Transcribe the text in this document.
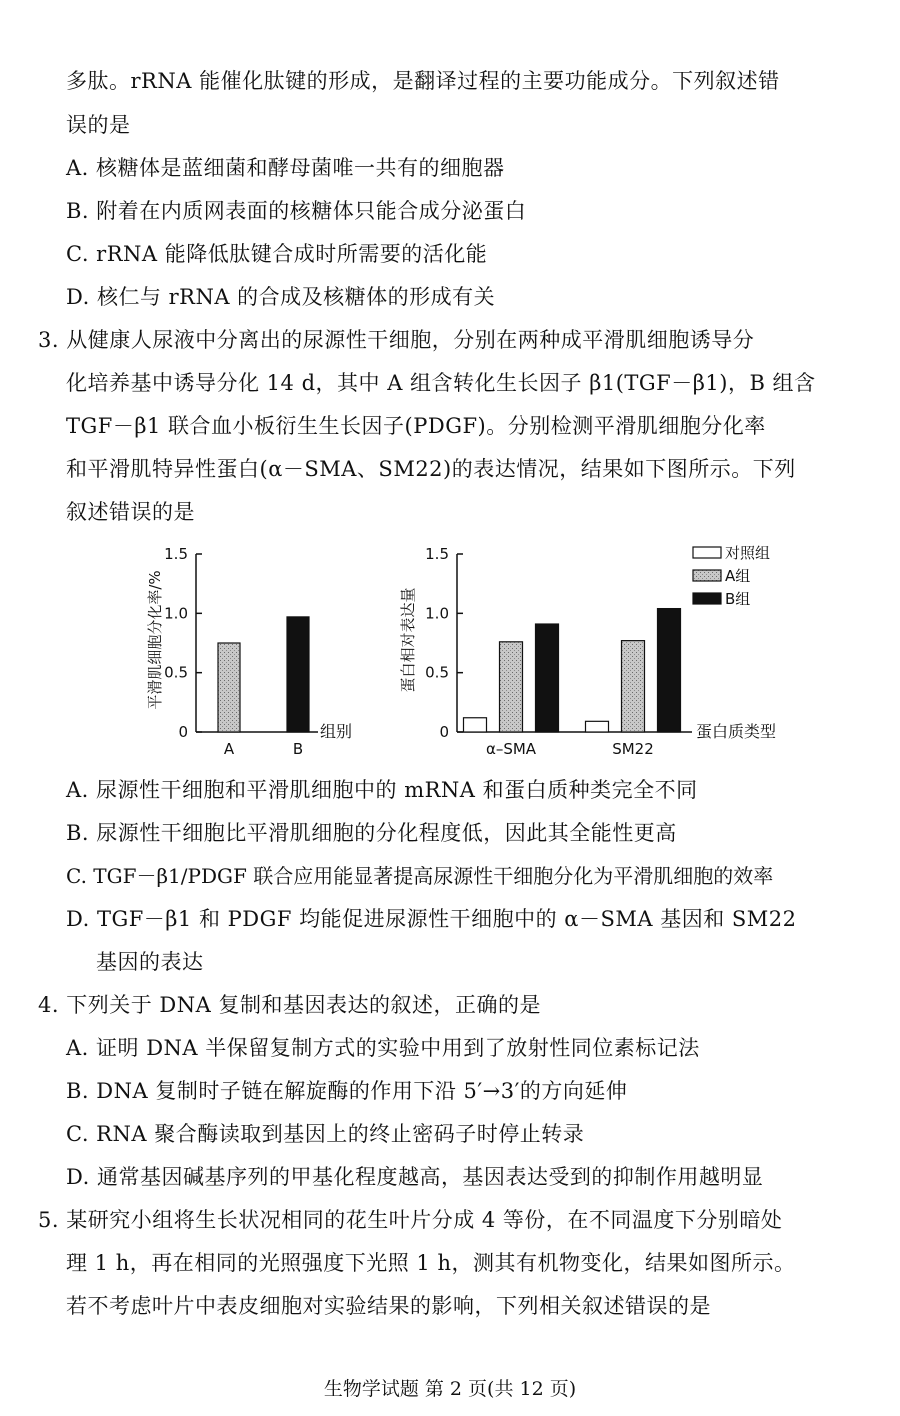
多肽。rRNA 能催化肽键的形成，是翻译过程的主要功能成分。下列叙述错
误的是
A. 核糖体是蓝细菌和酵母菌唯一共有的细胞器
B. 附着在内质网表面的核糖体只能合成分泌蛋白
C. rRNA 能降低肽键合成时所需要的活化能
D. 核仁与 rRNA 的合成及核糖体的形成有关
3. 从健康人尿液中分离出的尿源性干细胞，分别在两种成平滑肌细胞诱导分
化培养基中诱导分化 14 d，其中 A 组含转化生长因子 β1(TGF－β1)，B 组含
TGF－β1 联合血小板衍生生长因子(PDGF)。分别检测平滑肌细胞分化率
和平滑肌特异性蛋白(α－SMA、SM22)的表达情况，结果如下图所示。下列
叙述错误的是
平滑肌细胞分化率/%
0
0.5
1.0
1.5
A	B
组别
蛋白相对表达量
0
0.5
1.0
1.5
α–SMA	SM22
蛋白质类型
对照组
A组
B组
A. 尿源性干细胞和平滑肌细胞中的 mRNA 和蛋白质种类完全不同
B. 尿源性干细胞比平滑肌细胞的分化程度低，因此其全能性更高
C. TGF－β1/PDGF 联合应用能显著提高尿源性干细胞分化为平滑肌细胞的效率
D. TGF－β1 和 PDGF 均能促进尿源性干细胞中的 α－SMA 基因和 SM22
基因的表达
4. 下列关于 DNA 复制和基因表达的叙述，正确的是
A. 证明 DNA 半保留复制方式的实验中用到了放射性同位素标记法
B. DNA 复制时子链在解旋酶的作用下沿 5′→3′的方向延伸
C. RNA 聚合酶读取到基因上的终止密码子时停止转录
D. 通常基因碱基序列的甲基化程度越高，基因表达受到的抑制作用越明显
5. 某研究小组将生长状况相同的花生叶片分成 4 等份，在不同温度下分别暗处
理 1 h，再在相同的光照强度下光照 1 h，测其有机物变化，结果如图所示。
若不考虑叶片中表皮细胞对实验结果的影响，下列相关叙述错误的是
生物学试题 第 2 页(共 12 页)
